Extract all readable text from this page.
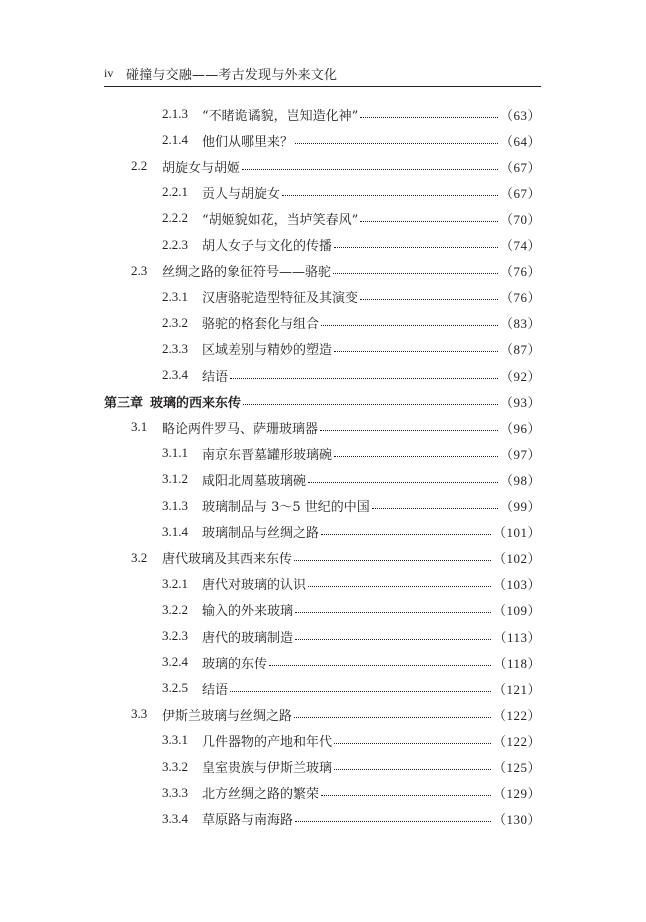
iv 碰撞与交融——考古发现与外来文化
2.1.3	“不睹诡谲貌，岂知造化神”	（63）
2.1.4	他们从哪里来？	（64）
2.2	胡旋女与胡姬	（67）
2.2.1	贡人与胡旋女	（67）
2.2.2	“胡姬貌如花，当垆笑春风”	（70）
2.2.3	胡人女子与文化的传播	（74）
2.3	丝绸之路的象征符号——骆驼	（76）
2.3.1	汉唐骆驼造型特征及其演变	（76）
2.3.2	骆驼的格套化与组合	（83）
2.3.3	区域差别与精妙的塑造	（87）
2.3.4	结语	（92）
第三章 玻璃的西来东传	（93）
3.1	略论两件罗马、萨珊玻璃器	（96）
3.1.1	南京东晋墓罐形玻璃碗	（97）
3.1.2	咸阳北周墓玻璃碗	（98）
3.1.3	玻璃制品与 3～5 世纪的中国	（99）
3.1.4	玻璃制品与丝绸之路	（101）
3.2	唐代玻璃及其西来东传	（102）
3.2.1	唐代对玻璃的认识	（103）
3.2.2	输入的外来玻璃	（109）
3.2.3	唐代的玻璃制造	（113）
3.2.4	玻璃的东传	（118）
3.2.5	结语	（121）
3.3	伊斯兰玻璃与丝绸之路	（122）
3.3.1	几件器物的产地和年代	（122）
3.3.2	皇室贵族与伊斯兰玻璃	（125）
3.3.3	北方丝绸之路的繁荣	（129）
3.3.4	草原路与南海路	（130）
